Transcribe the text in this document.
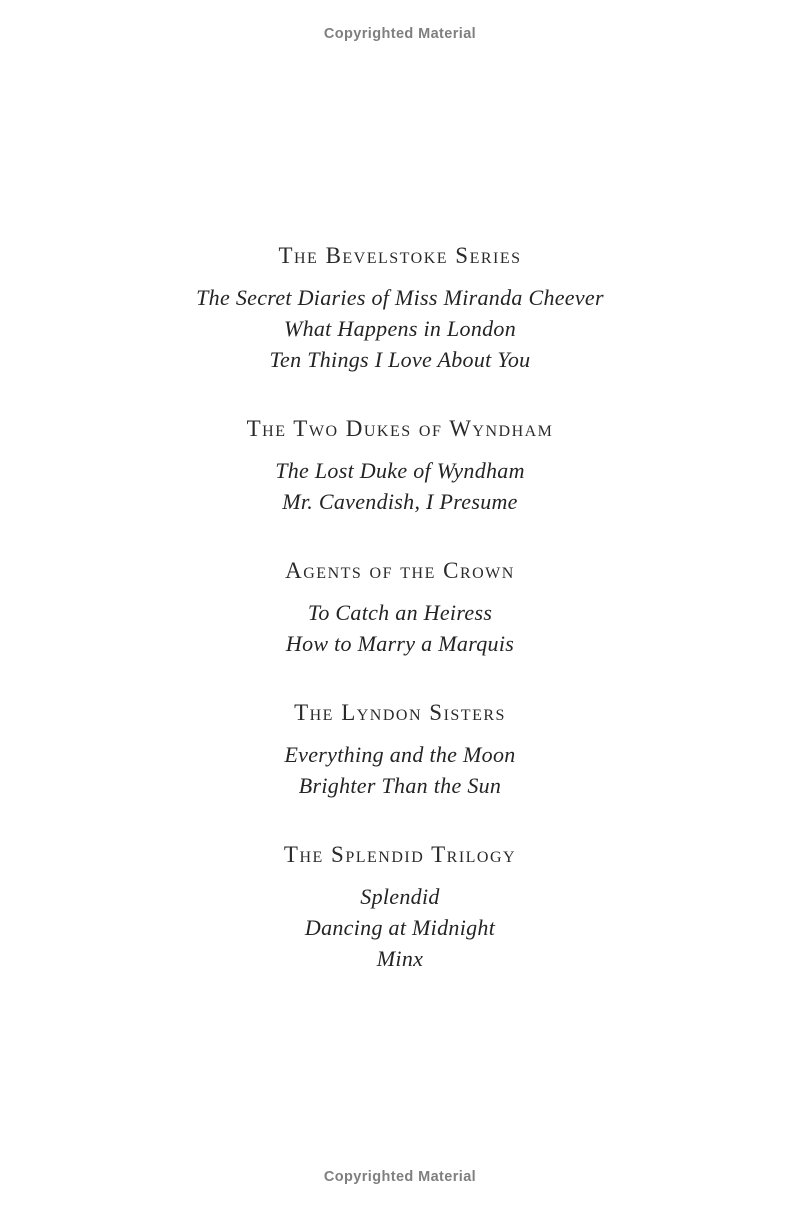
Copyrighted Material
The Bevelstoke Series
The Secret Diaries of Miss Miranda Cheever
What Happens in London
Ten Things I Love About You
The Two Dukes of Wyndham
The Lost Duke of Wyndham
Mr. Cavendish, I Presume
Agents of the Crown
To Catch an Heiress
How to Marry a Marquis
The Lyndon Sisters
Everything and the Moon
Brighter Than the Sun
The Splendid Trilogy
Splendid
Dancing at Midnight
Minx
Copyrighted Material
